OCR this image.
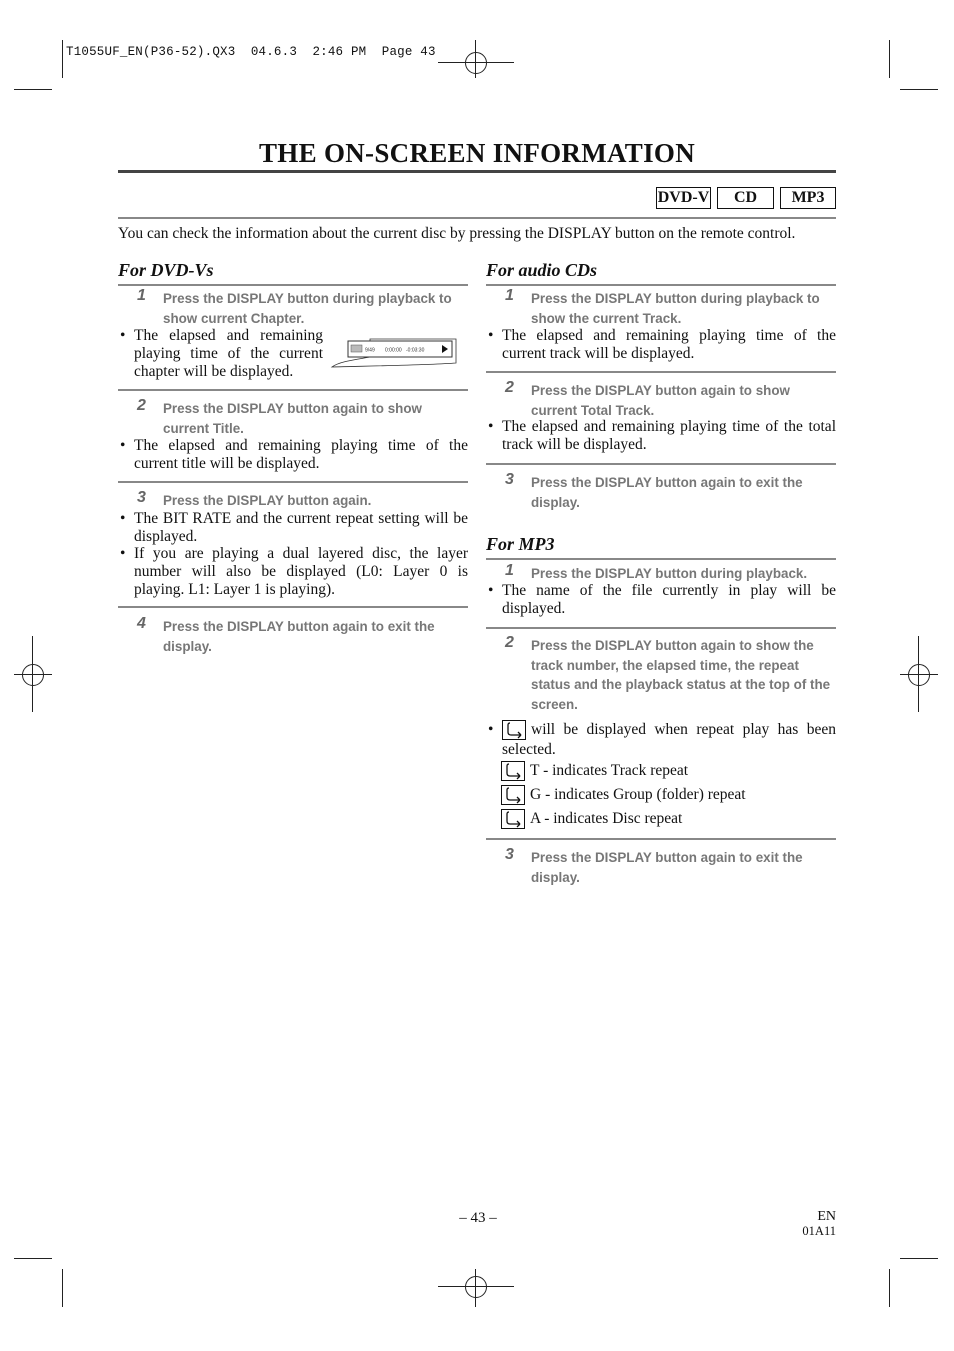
T1055UF_EN(P36-52).QX3  04.6.3  2:46 PM  Page 43
THE ON-SCREEN INFORMATION
DVD-V	CD	MP3
You can check the information about the current disc by pressing the DISPLAY button on the remote control.
For DVD-Vs
1 Press the DISPLAY button during playback to show current Chapter.
• The elapsed and remaining playing time of the current chapter will be displayed.
9/49 0:00:00 -0:03:30
2 Press the DISPLAY button again to show current Title.
• The elapsed and remaining playing time of the current title will be displayed.
3 Press the DISPLAY button again.
• The BIT RATE and the current repeat setting will be displayed.
• If you are playing a dual layered disc, the layer number will also be displayed (L0: Layer 0 is playing. L1: Layer 1 is playing).
4 Press the DISPLAY button again to exit the display.
For audio CDs
1 Press the DISPLAY button during playback to show the current Track.
• The elapsed and remaining playing time of the current track will be displayed.
2 Press the DISPLAY button again to show current Total Track.
• The elapsed and remaining playing time of the total track will be displayed.
3 Press the DISPLAY button again to exit the display.
For MP3
1 Press the DISPLAY button during playback.
• The name of the file currently in play will be displayed.
2 Press the DISPLAY button again to show the track number, the elapsed time, the repeat status and the playback status at the top of the screen.
•	will be displayed when repeat play has been selected.
T - indicates Track repeat
G - indicates Group (folder) repeat
A - indicates Disc repeat
3 Press the DISPLAY button again to exit the display.
– 43 –	EN
01A11
